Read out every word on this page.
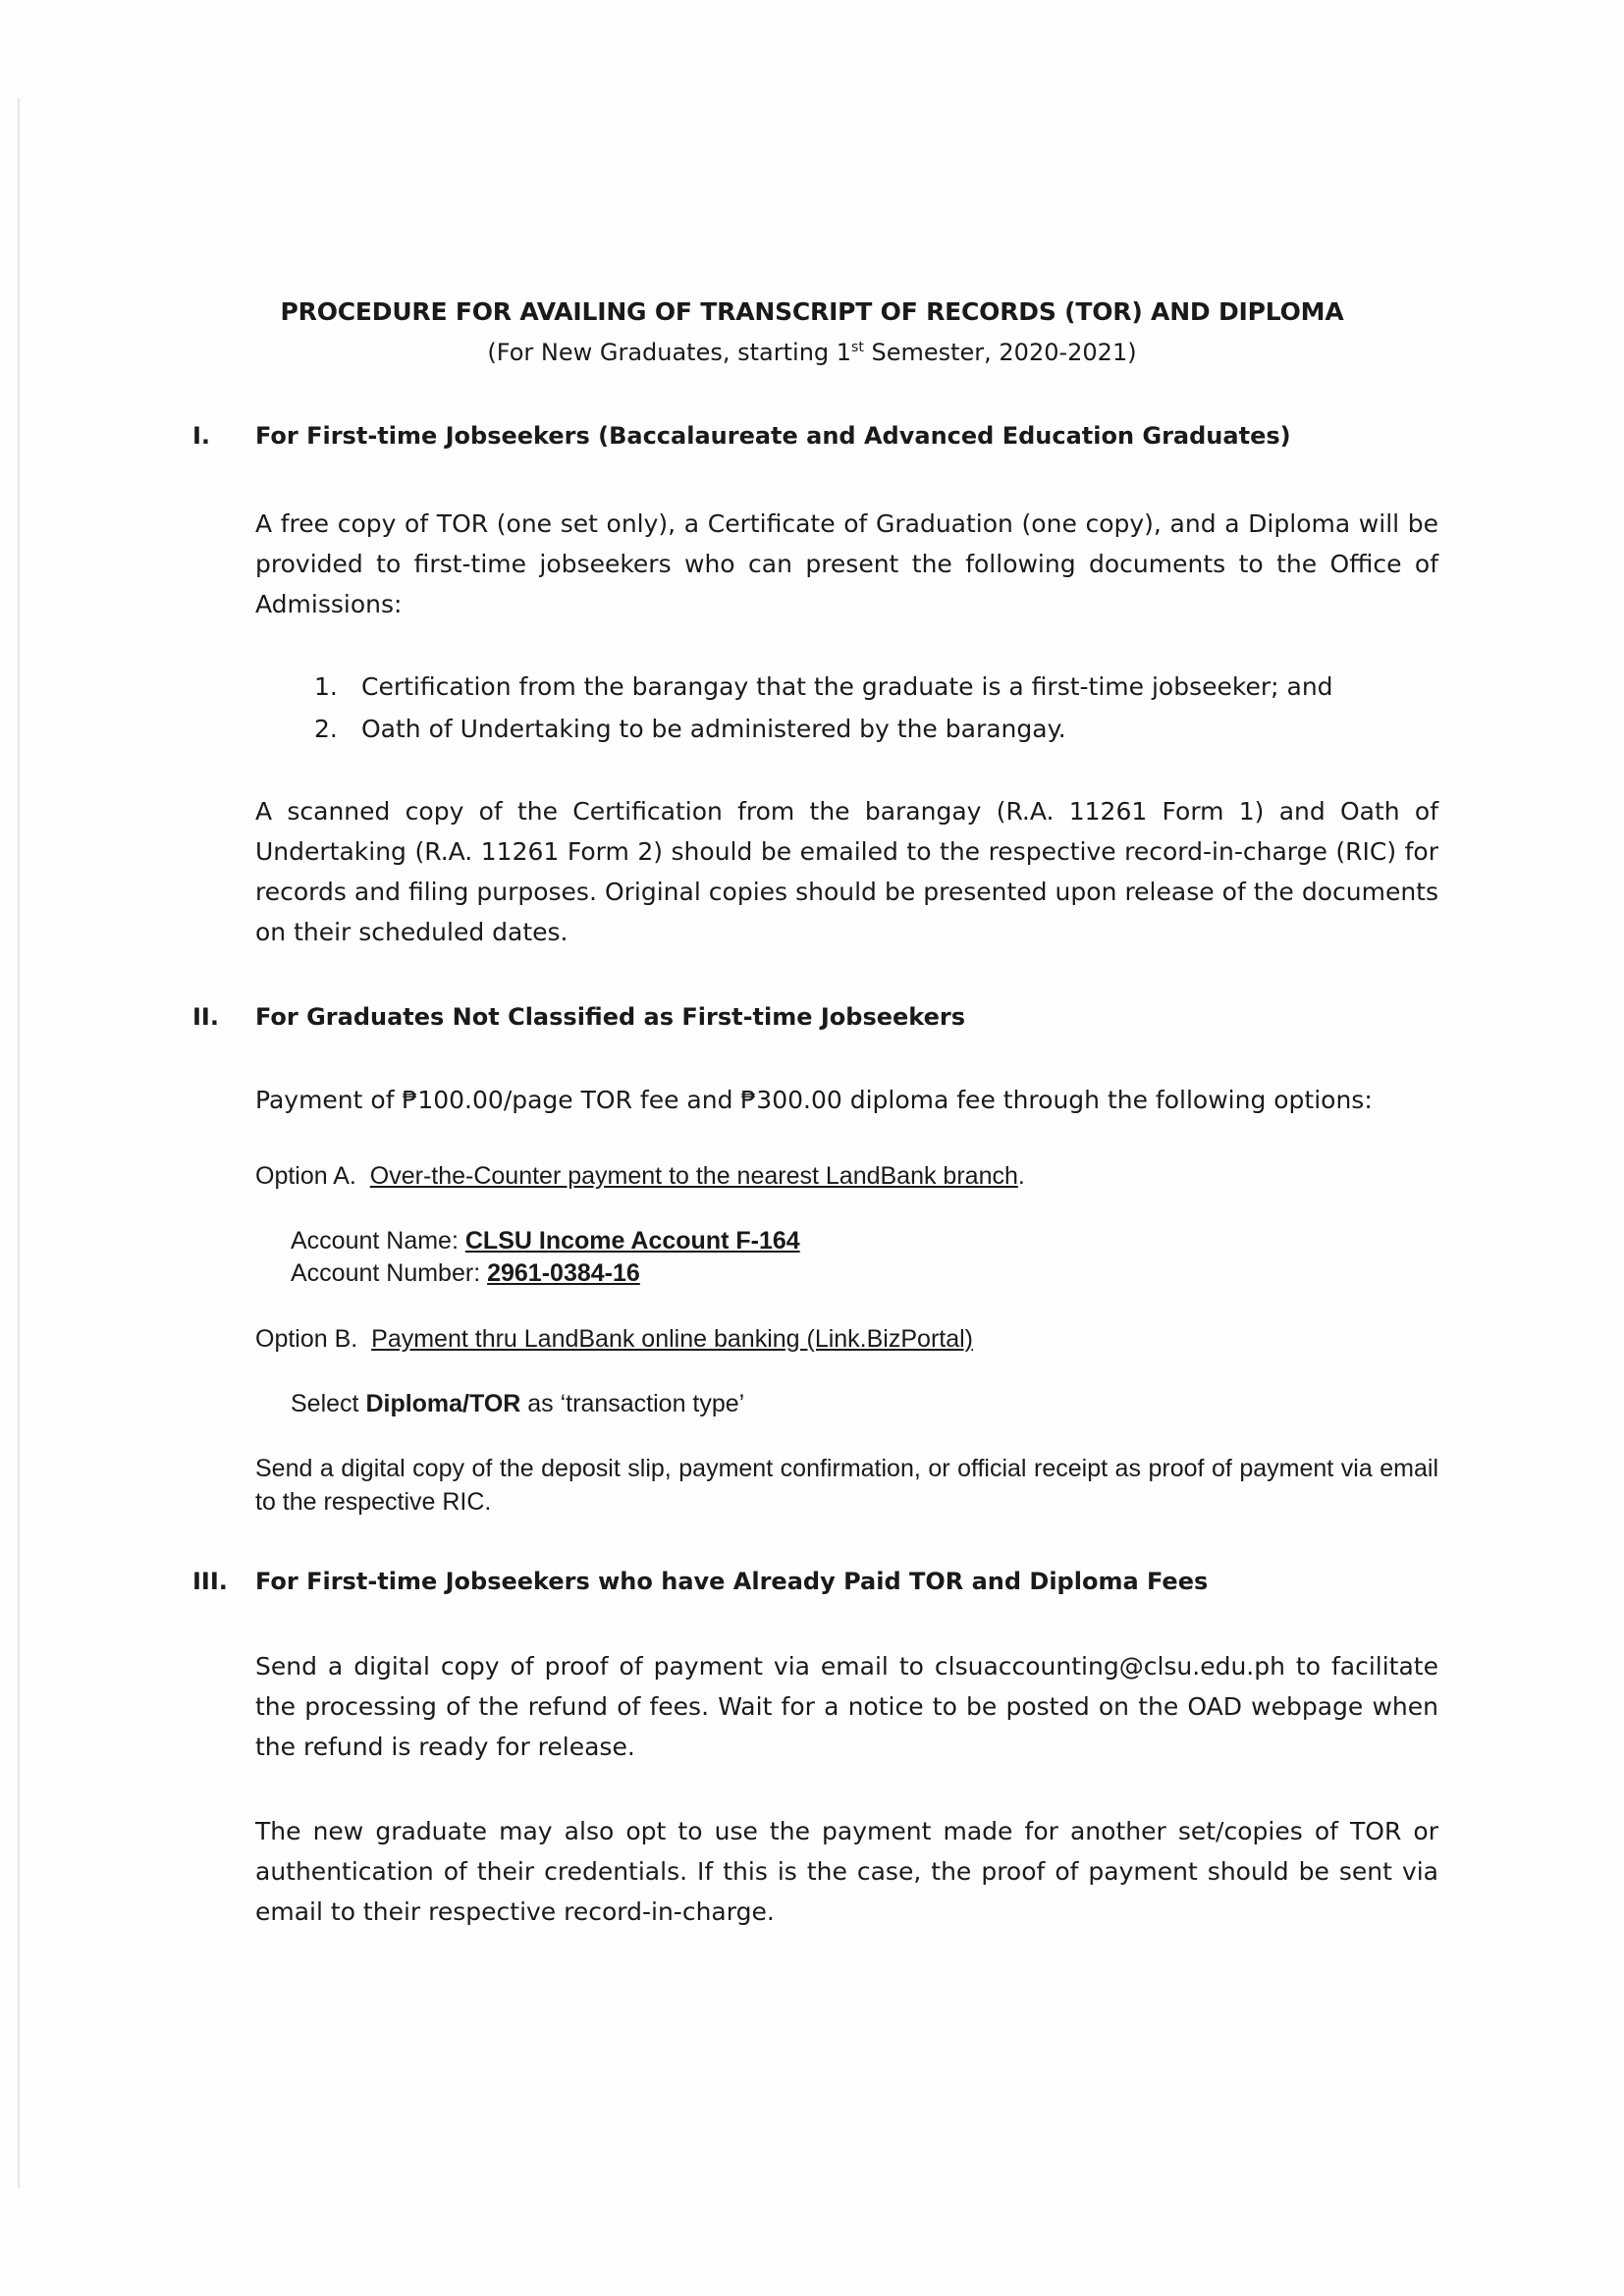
PROCEDURE FOR AVAILING OF TRANSCRIPT OF RECORDS (TOR) AND DIPLOMA
(For New Graduates, starting 1st Semester, 2020-2021)
I.	For First-time Jobseekers (Baccalaureate and Advanced Education Graduates)

A free copy of TOR (one set only), a Certificate of Graduation (one copy), and a Diploma will be provided to first-time jobseekers who can present the following documents to the Office of Admissions:

1. Certification from the barangay that the graduate is a first-time jobseeker; and
2. Oath of Undertaking to be administered by the barangay.

A scanned copy of the Certification from the barangay (R.A. 11261 Form 1) and Oath of Undertaking (R.A. 11261 Form 2) should be emailed to the respective record-in-charge (RIC) for records and filing purposes. Original copies should be presented upon release of the documents on their scheduled dates.

II.	For Graduates Not Classified as First-time Jobseekers
Payment of ₱100.00/page TOR fee and ₱300.00 diploma fee through the following options:
Option A. Over-the-Counter payment to the nearest LandBank branch.
Account Name: CLSU Income Account F-164
Account Number: 2961-0384-16
Option B. Payment thru LandBank online banking (Link.BizPortal)
Select Diploma/TOR as ‘transaction type’

Send a digital copy of the deposit slip, payment confirmation, or official receipt as proof of payment via email to the respective RIC.

III.	For First-time Jobseekers who have Already Paid TOR and Diploma Fees

Send a digital copy of proof of payment via email to clsuaccounting@clsu.edu.ph to facilitate the processing of the refund of fees. Wait for a notice to be posted on the OAD webpage when the refund is ready for release.

The new graduate may also opt to use the payment made for another set/copies of TOR or authentication of their credentials. If this is the case, the proof of payment should be sent via email to their respective record-in-charge.
